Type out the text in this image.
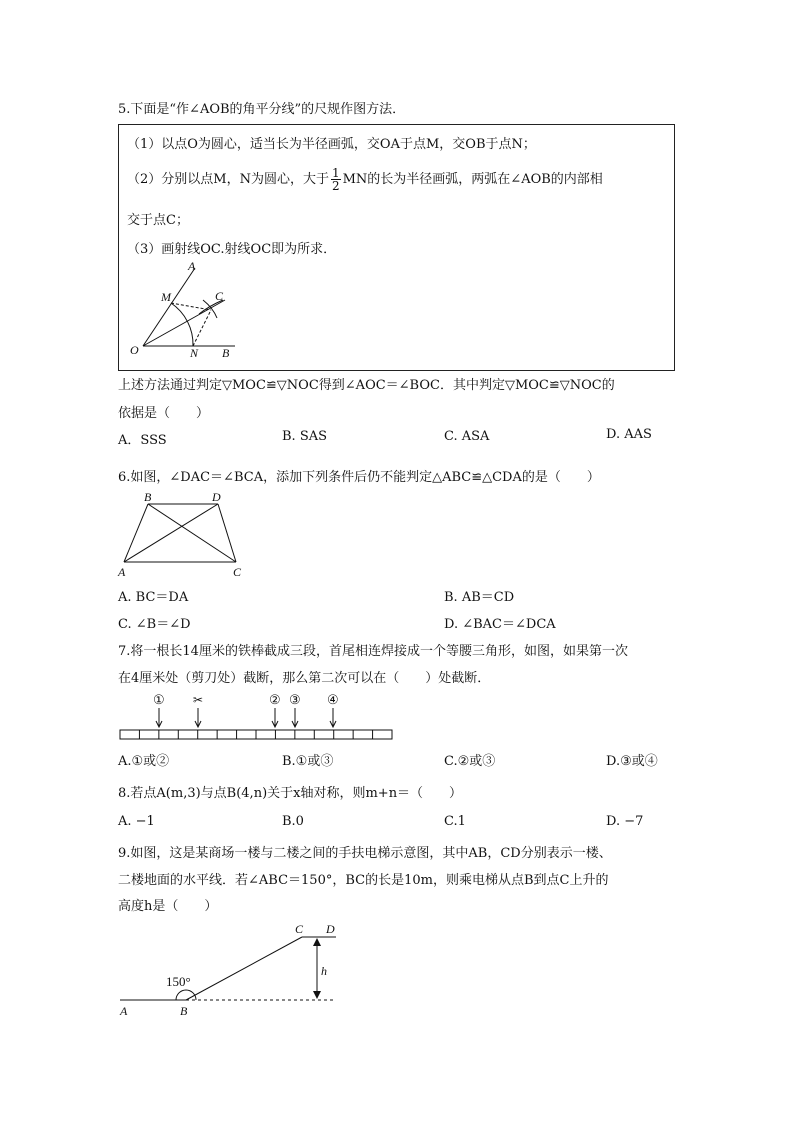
5.下面是“作∠AOB的角平分线”的尺规作图方法．
（1）以点O为圆心，适当长为半径画弧，交OA于点M，交OB于点N；
（2）分别以点M，N为圆心，大于 $\frac{1}{2}$ MN的长为半径画弧，两弧在∠AOB的内部相
交于点C；
（3）画射线OC.射线OC即为所求．
A
M	C
O	N B
上述方法通过判定▽MOC≌▽NOC得到∠AOC＝∠BOC．其中判定▽MOC≌▽NOC的
依据是（　　）
A．SSS	B. SAS	C. ASA	D. AAS
6.如图，∠DAC＝∠BCA，添加下列条件后仍不能判定△ABC≌△CDA的是（　　）
B	D
A	C
A. BC＝DA	B. AB＝CD
C. ∠B＝∠D	D. ∠BAC＝∠DCA
7.将一根长14厘米的铁棒截成三段，首尾相连焊接成一个等腰三角形，如图，如果第一次
在4厘米处（剪刀处）截断，那么第二次可以在（　　）处截断．
① ✂	② ③ ④
A.①或②	B.①或③	C.②或③	D.③或④
8.若点A(m,3)与点B(4,n)关于x轴对称，则m+n＝（　　）
A. −1	B.0	C.1	D. −7
9.如图，这是某商场一楼与二楼之间的手扶电梯示意图，其中AB，CD分别表示一楼、
二楼地面的水平线．若∠ABC＝150°，BC的长是10m，则乘电梯从点B到点C上升的
高度h是（　　）
C D
h
150°
A	B
